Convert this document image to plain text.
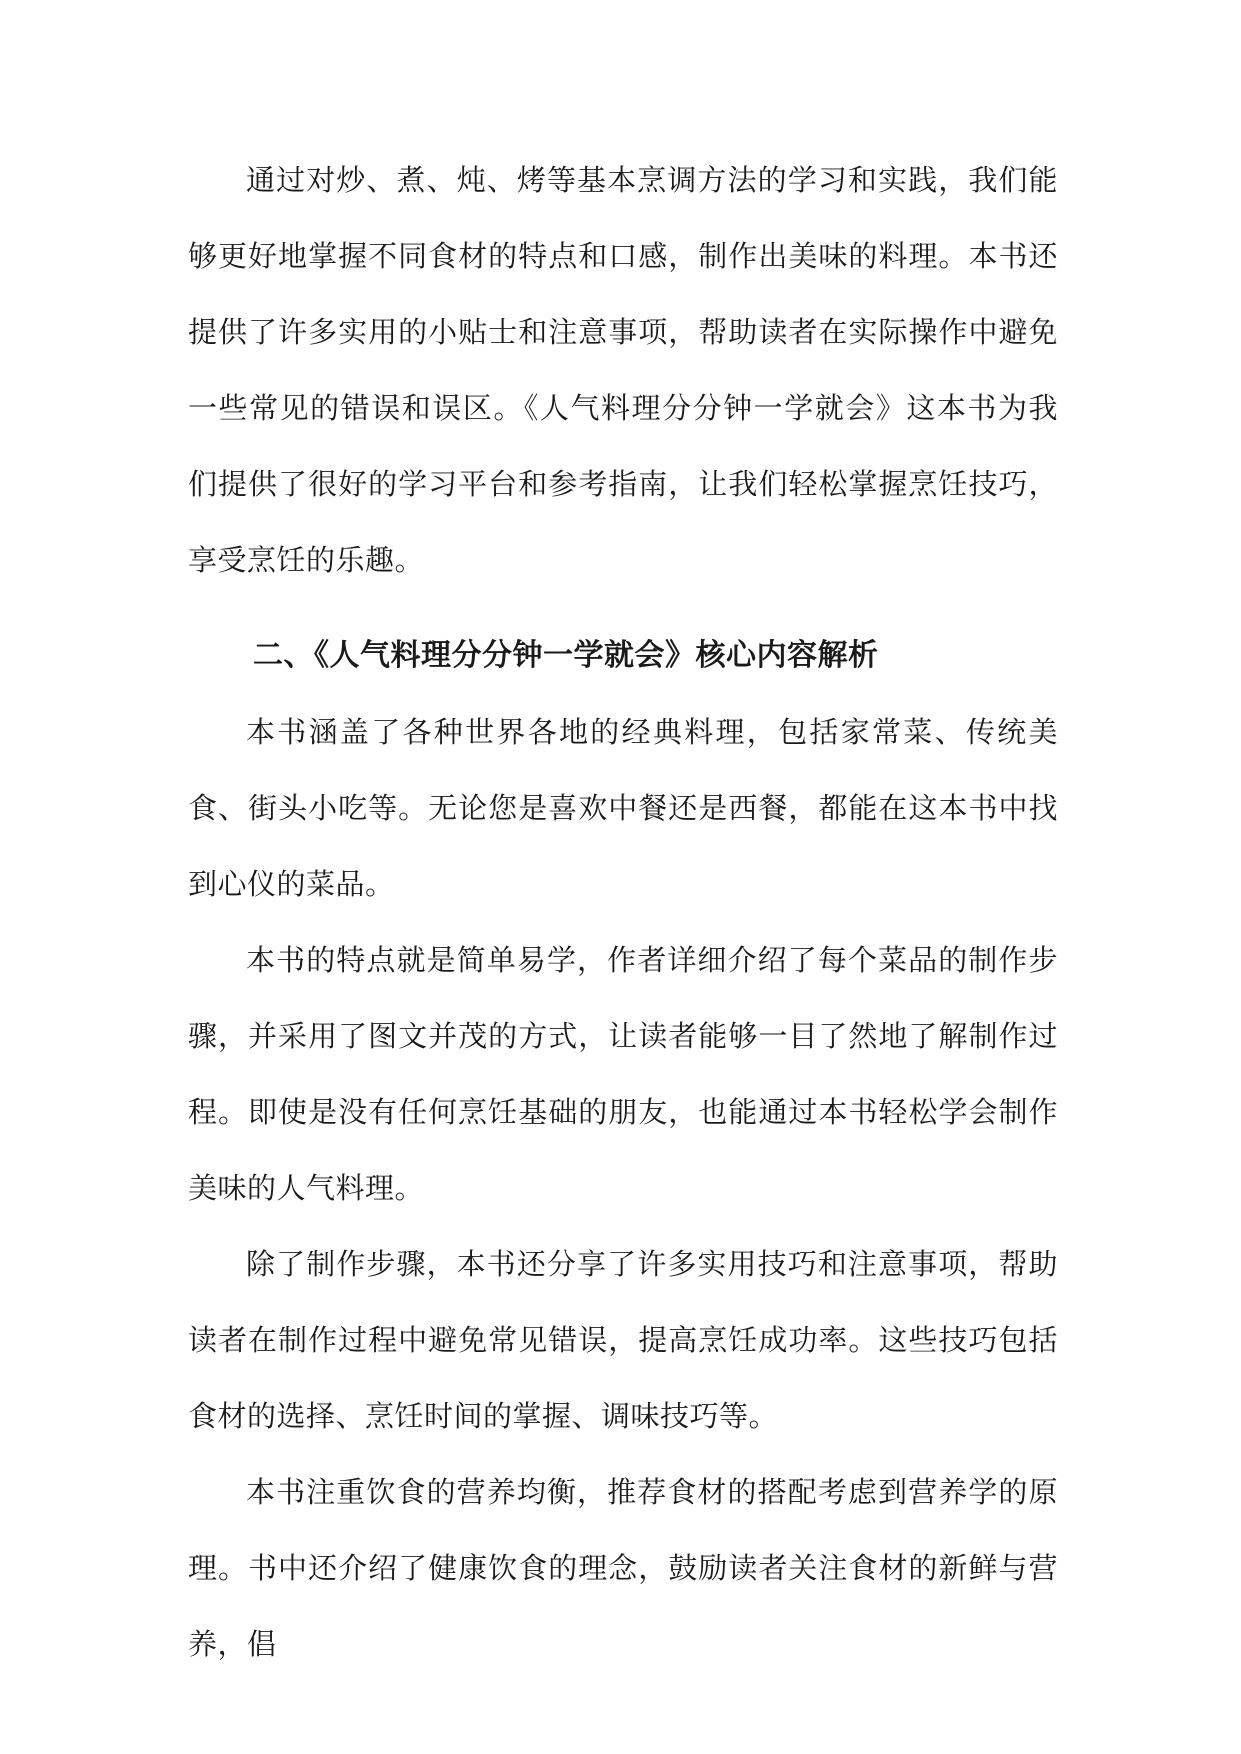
通过对炒、煮、炖、烤等基本烹调方法的学习和实践，我们能够更好地掌握不同食材的特点和口感，制作出美味的料理。本书还提供了许多实用的小贴士和注意事项，帮助读者在实际操作中避免一些常见的错误和误区。《人气料理分分钟一学就会》这本书为我们提供了很好的学习平台和参考指南，让我们轻松掌握烹饪技巧，享受烹饪的乐趣。

二、《人气料理分分钟一学就会》核心内容解析

本书涵盖了各种世界各地的经典料理，包括家常菜、传统美食、街头小吃等。无论您是喜欢中餐还是西餐，都能在这本书中找到心仪的菜品。

本书的特点就是简单易学，作者详细介绍了每个菜品的制作步骤，并采用了图文并茂的方式，让读者能够一目了然地了解制作过程。即使是没有任何烹饪基础的朋友，也能通过本书轻松学会制作美味的人气料理。

除了制作步骤，本书还分享了许多实用技巧和注意事项，帮助读者在制作过程中避免常见错误，提高烹饪成功率。这些技巧包括食材的选择、烹饪时间的掌握、调味技巧等。

本书注重饮食的营养均衡，推荐食材的搭配考虑到营养学的原理。书中还介绍了健康饮食的理念，鼓励读者关注食材的新鲜与营养，倡
